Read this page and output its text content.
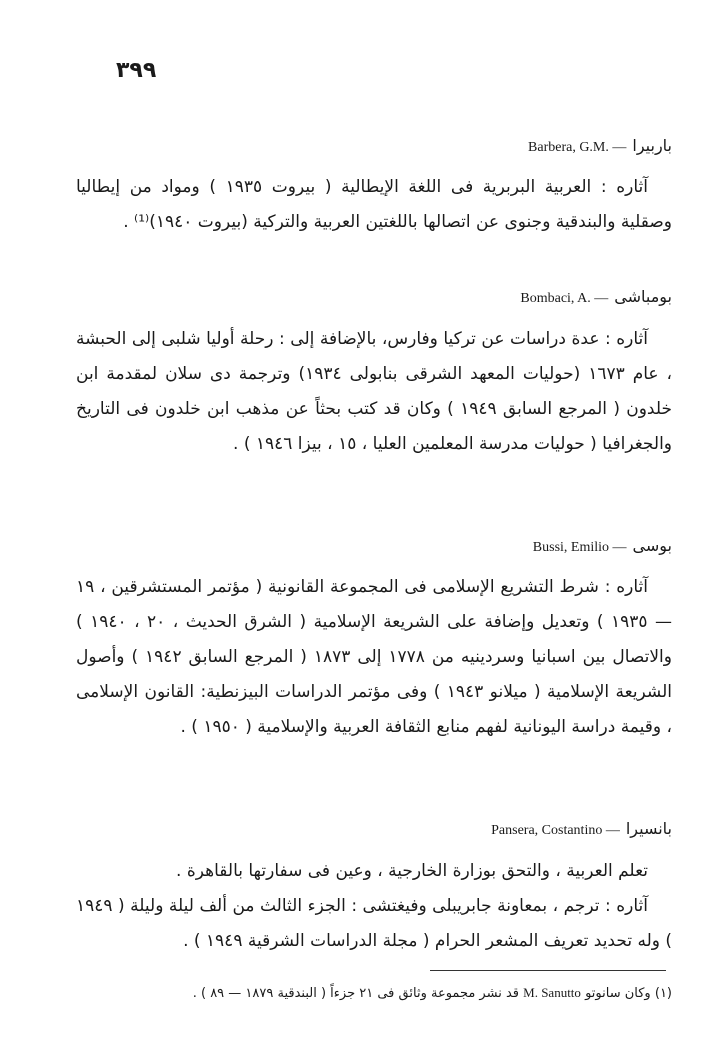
٣٩٩
Barbera, G.M. — باربيرا

آثاره : العربية البربرية فى اللغة الإيطالية ( بيروت ١٩٣٥ ) ومواد من إيطاليا وصقلية والبندقية وجنوى عن اتصالها باللغتين العربية والتركية (بيروت ١٩٤٠)⁽¹⁾ .

Bombaci, A. — بومباشى

آثاره : عدة دراسات عن تركيا وفارس، بالإضافة إلى : رحلة أوليا شلبى إلى الحبشة ، عام ١٦٧٣ (حوليات المعهد الشرقى بنابولى ١٩٣٤) وترجمة دى سلان لمقدمة ابن خلدون ( المرجع السابق ١٩٤٩ ) وكان قد كتب بحثاً عن مذهب ابن خلدون فى التاريخ والجغرافيا ( حوليات مدرسة المعلمين العليا ، ١٥ ، بيزا ١٩٤٦ ) .

Bussi, Emilio — بوسى

آثاره : شرط التشريع الإسلامى فى المجموعة القانونية ( مؤتمر المستشرقين ، ١٩ — ١٩٣٥ ) وتعديل وإضافة على الشريعة الإسلامية ( الشرق الحديث ، ٢٠ ، ١٩٤٠ ) والاتصال بين اسبانيا وسردينيه من ١٧٧٨ إلى ١٨٧٣ ( المرجع السابق ١٩٤٢ ) وأصول الشريعة الإسلامية ( ميلانو ١٩٤٣ ) وفى مؤتمر الدراسات البيزنطية: القانون الإسلامى ، وقيمة دراسة اليونانية لفهم منابع الثقافة العربية والإسلامية ( ١٩٥٠ ) .

Pansera, Costantino — بانسيرا

تعلم العربية ، والتحق بوزارة الخارجية ، وعين فى سفارتها بالقاهرة .

آثاره : ترجم ، بمعاونة جابريبلى وفيغتشى : الجزء الثالث من ألف ليلة وليلة ( ١٩٤٩ ) وله تحديد تعريف المشعر الحرام ( مجلة الدراسات الشرقية ١٩٤٩ ) .

(١) وكان سانوتو M. Sanutto قد نشر مجموعة وثائق فى ٢١ جزءاً ( البندقية ١٨٧٩ — ٨٩ ) .
